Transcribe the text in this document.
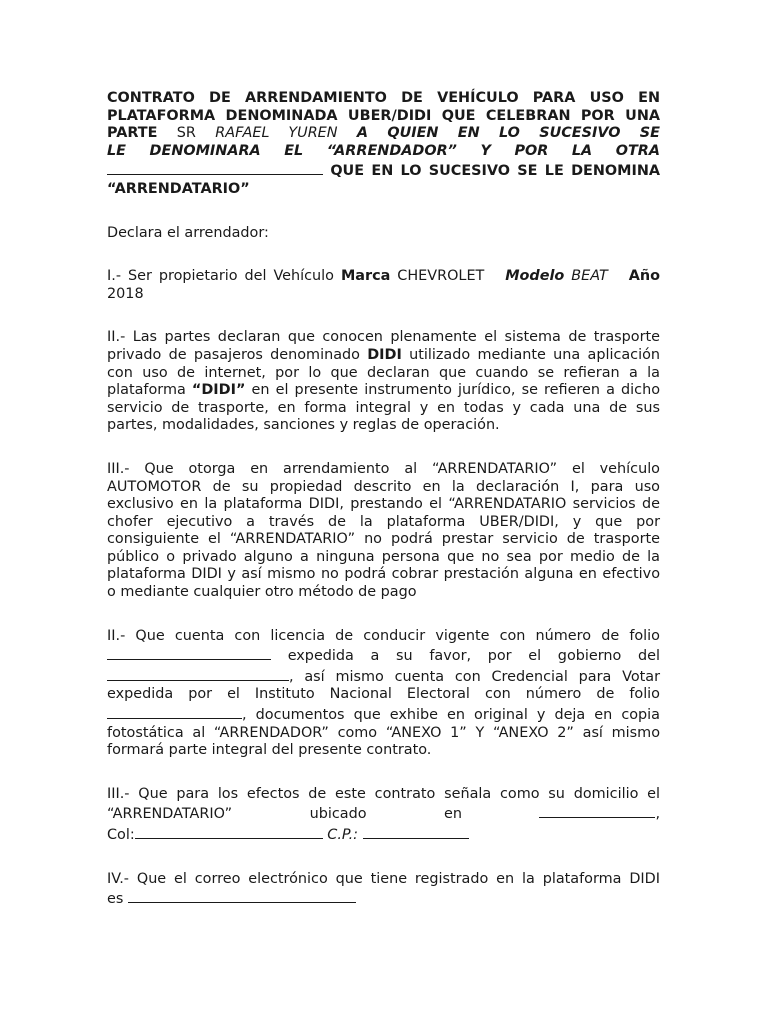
CONTRATO DE ARRENDAMIENTO DE VEHÍCULO PARA USO EN
PLATAFORMA DENOMINADA UBER/DIDI QUE CELEBRAN POR UNA
PARTE SR RAFAEL YUREN A QUIEN EN LO SUCESIVO SE
LE DENOMINARA EL “ARRENDADOR” Y POR LA OTRA
QUE EN LO SUCESIVO SE LE DENOMINA
“ARRENDATARIO”

Declara el arrendador:

I.- Ser propietario del Vehículo Marca CHEVROLET Modelo BEAT Año
2018

II.- Las partes declaran que conocen plenamente el sistema de trasporte privado de pasajeros denominado DIDI utilizado mediante una aplicación con uso de internet, por lo que declaran que cuando se refieran a la plataforma “DIDI” en el presente instrumento jurídico, se refieren a dicho servicio de trasporte, en forma integral y en todas y cada una de sus partes, modalidades, sanciones y reglas de operación.

III.- Que otorga en arrendamiento al “ARRENDATARIO” el vehículo AUTOMOTOR de su propiedad descrito en la declaración I, para uso exclusivo en la plataforma DIDI, prestando el “ARRENDATARIO servicios de chofer ejecutivo a través de la plataforma UBER/DIDI, y que por consiguiente el “ARRENDATARIO” no podrá prestar servicio de trasporte público o privado alguno a ninguna persona que no sea por medio de la plataforma DIDI y así mismo no podrá cobrar prestación alguna en efectivo o mediante cualquier otro método de pago

II.- Que cuenta con licencia de conducir vigente con número de folio  expedida a su favor, por el gobierno del , así mismo cuenta con Credencial para Votar expedida por el Instituto Nacional Electoral con número de folio , documentos que exhibe en original y deja en copia fotostática al “ARRENDADOR” como “ANEXO 1” Y “ANEXO 2” así mismo formará parte integral del presente contrato.

III.- Que para los efectos de este contrato señala como su domicilio el
“ARRENDATARIO”	ubicado	en	,
Col:	C.P.:

IV.- Que el correo electrónico que tiene registrado en la plataforma DIDI
es
